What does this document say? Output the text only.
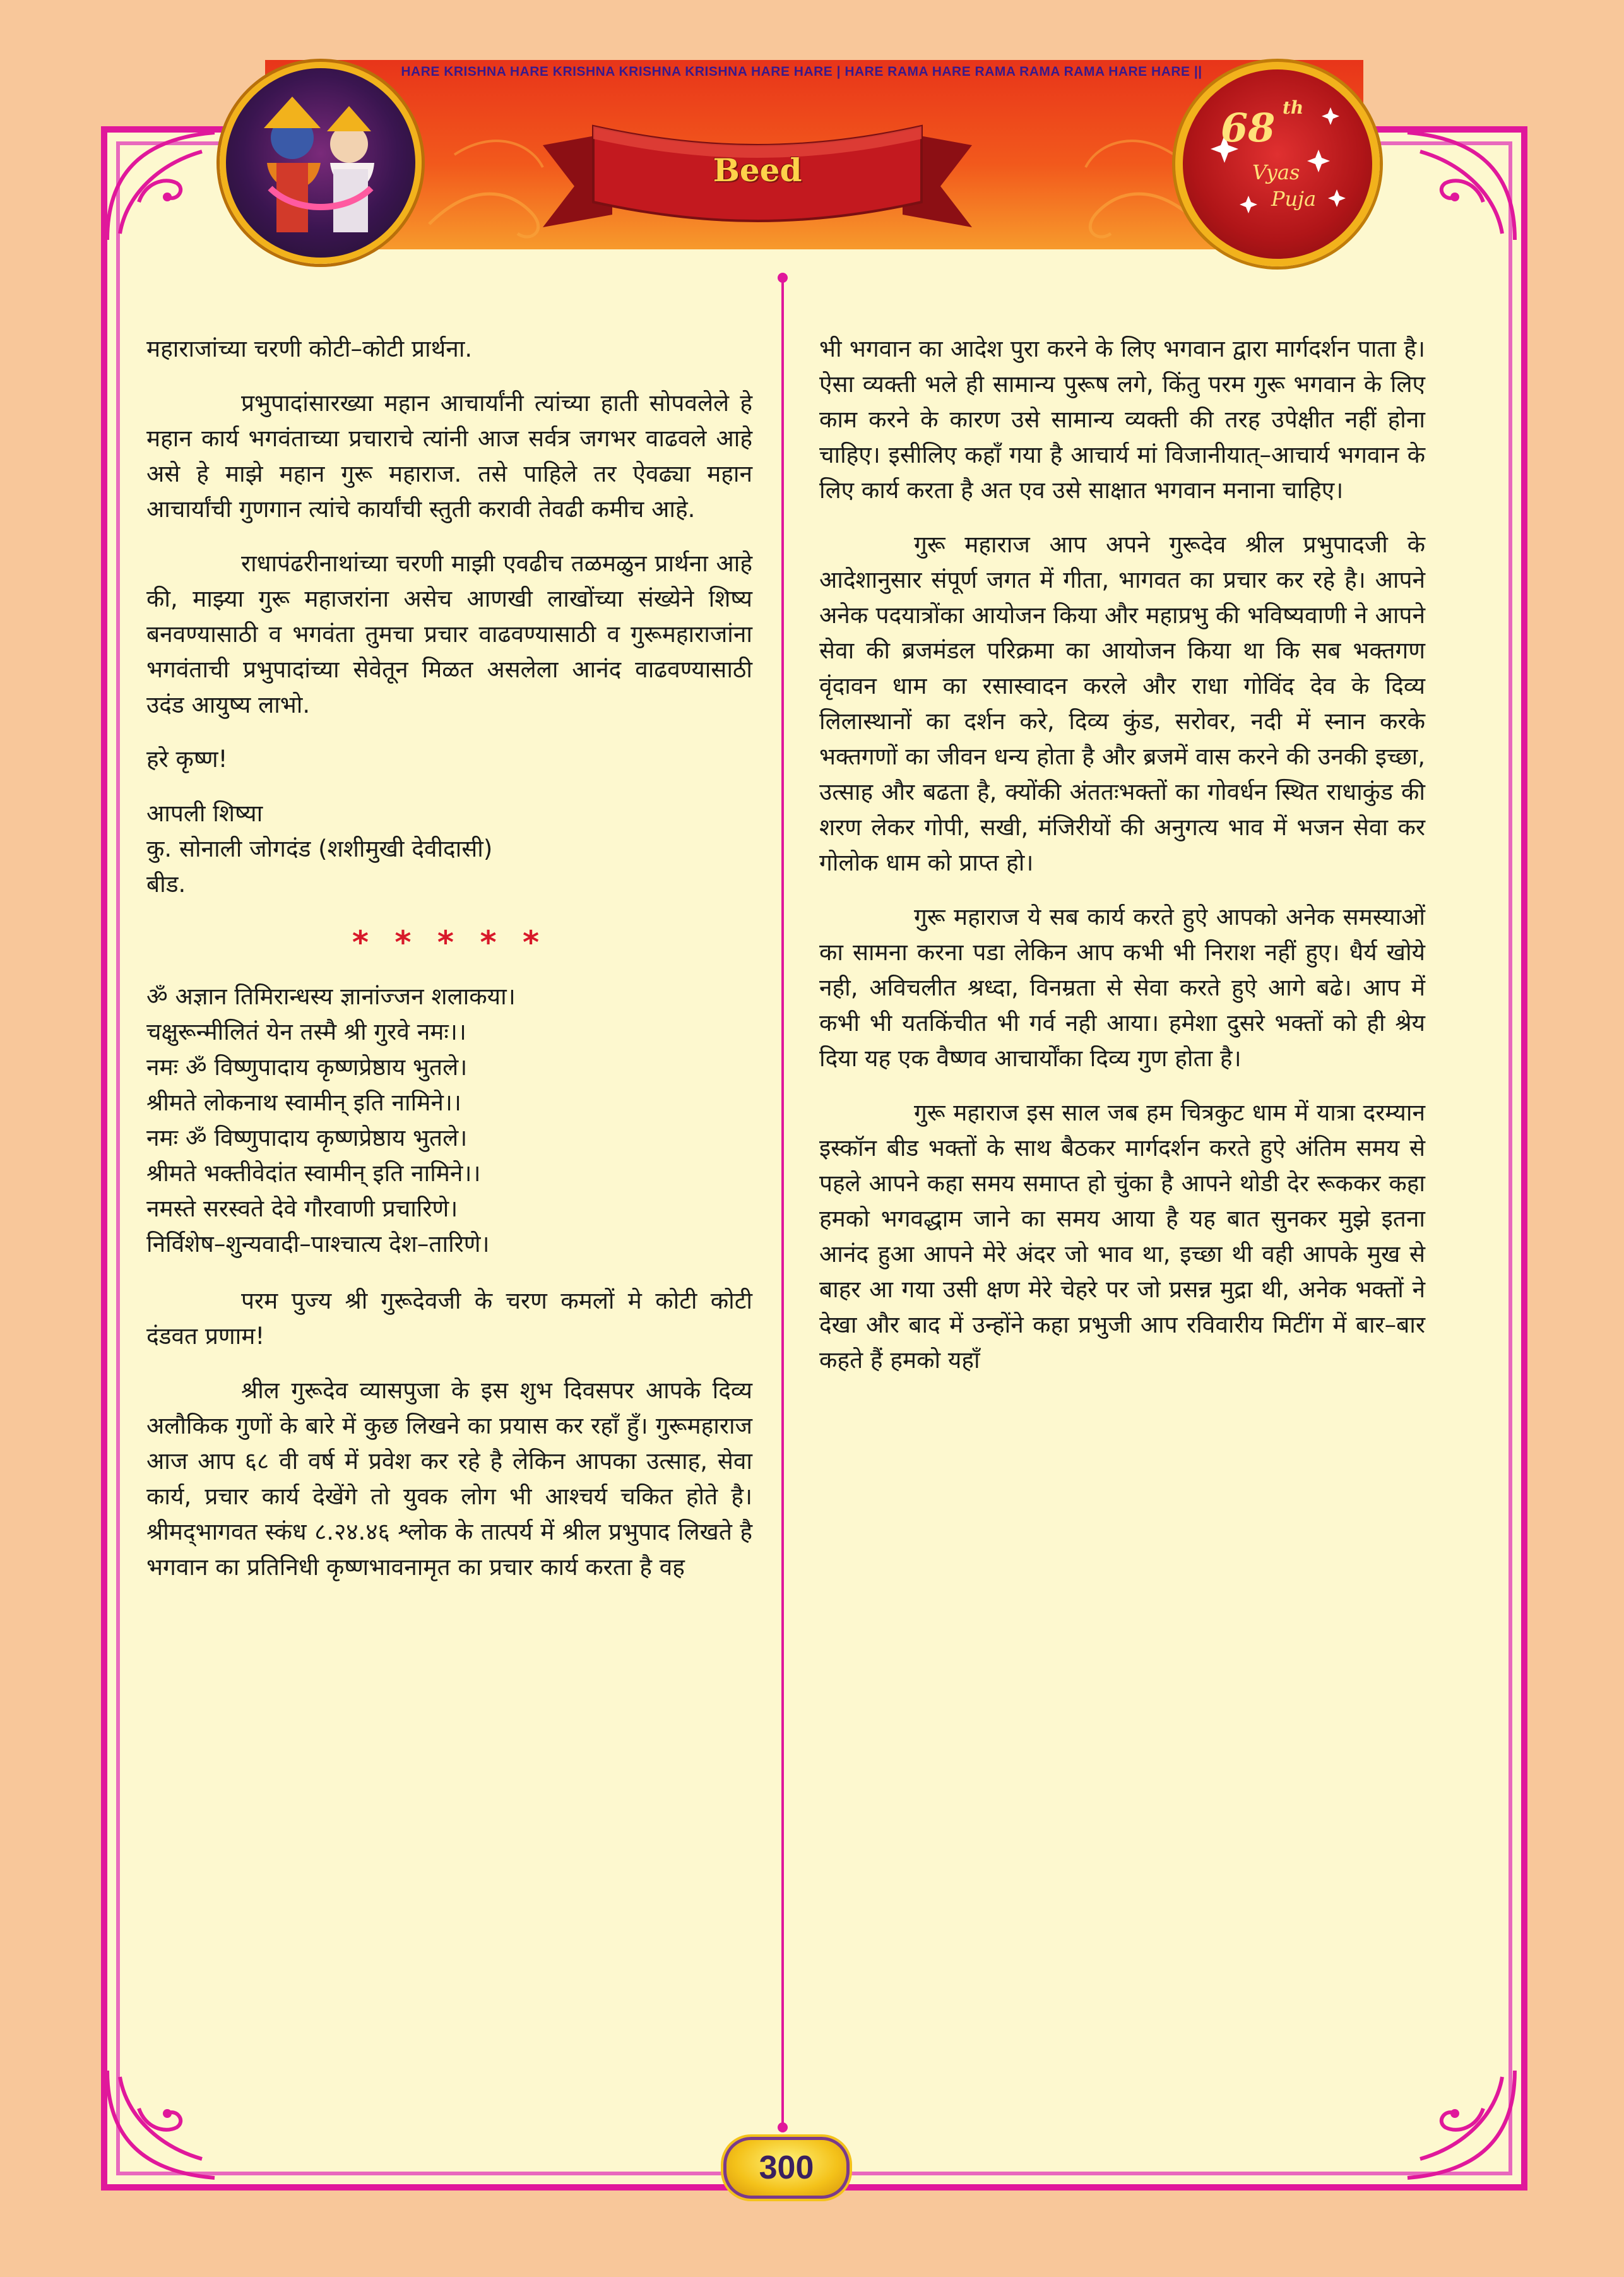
HARE KRISHNA HARE KRISHNA KRISHNA KRISHNA HARE HARE | HARE RAMA HARE RAMA RAMA RAMA HARE HARE ||
Beed
68 th
Vyas
Puja

महाराजांच्या चरणी कोटी–कोटी प्रार्थना.

प्रभुपादांसारख्या महान आचार्यांनी त्यांच्या हाती सोपवलेले हे महान कार्य भगवंताच्या प्रचाराचे त्यांनी आज सर्वत्र जगभर वाढवले आहे असे हे माझे महान गुरू महाराज. तसे पाहिले तर ऐवढ्या महान आचार्यांची गुणगान त्यांचे कार्यांची स्तुती करावी तेवढी कमीच आहे.

राधापंढरीनाथांच्या चरणी माझी एवढीच तळमळुन प्रार्थना आहे की, माझ्या गुरू महाजरांना असेच आणखी लाखोंच्या संख्येने शिष्य बनवण्यासाठी व भगवंता तुमचा प्रचार वाढवण्यासाठी व गुरूमहाराजांना भगवंताची प्रभुपादांच्या सेवेतून मिळत असलेला आनंद वाढवण्यासाठी उदंड आयुष्य लाभो.

हरे कृष्ण!

आपली शिष्या
कु. सोनाली जोगदंड (शशीमुखी देवीदासी)
बीड.
* * * * *
ॐ अज्ञान तिमिरान्धस्य ज्ञानांज्जन शलाकया।
चक्षुरून्मीलितं येन तस्मै श्री गुरवे नमः।।
नमः ॐ विष्णुपादाय कृष्णप्रेष्ठाय भुतले।
श्रीमते लोकनाथ स्वामीन् इति नामिने।।
नमः ॐ विष्णुपादाय कृष्णप्रेष्ठाय भुतले।
श्रीमते भक्तीवेदांत स्वामीन् इति नामिने।।
नमस्ते सरस्वते देवे गौरवाणी प्रचारिणे।
निर्विशेष–शुन्यवादी–पाश्चात्य देश–तारिणे।

परम पुज्य श्री गुरूदेवजी के चरण कमलों मे कोटी कोटी दंडवत प्रणाम!

श्रील गुरूदेव व्यासपुजा के इस शुभ दिवसपर आपके दिव्य अलौकिक गुणों के बारे में कुछ लिखने का प्रयास कर रहाँ हुँ। गुरूमहाराज आज आप ६८ वी वर्ष में प्रवेश कर रहे है लेकिन आपका उत्साह, सेवा कार्य, प्रचार कार्य देखेंगे तो युवक लोग भी आश्चर्य चकित होते है। श्रीमद्‌भागवत स्कंध ८.२४.४६ श्लोक के तात्पर्य में श्रील प्रभुपाद लिखते है भगवान का प्रतिनिधी कृष्णभावनामृत का प्रचार कार्य करता है वह

भी भगवान का आदेश पुरा करने के लिए भगवान द्वारा मार्गदर्शन पाता है। ऐसा व्यक्ती भले ही सामान्य पुरूष लगे, किंतु परम गुरू भगवान के लिए काम करने के कारण उसे सामान्य व्यक्ती की तरह उपेक्षीत नहीं होना चाहिए। इसीलिए कहाँ गया है आचार्य मां विजानीयात्–आचार्य भगवान के लिए कार्य करता है अत एव उसे साक्षात भगवान मनाना चाहिए।

गुरू महाराज आप अपने गुरूदेव श्रील प्रभुपादजी के आदेशानुसार संपूर्ण जगत में गीता, भागवत का प्रचार कर रहे है। आपने अनेक पदयात्रोंका आयोजन किया और महाप्रभु की भविष्यवाणी ने आपने सेवा की ब्रजमंडल परिक्रमा का आयोजन किया था कि सब भक्तगण वृंदावन धाम का रसास्वादन करले और राधा गोविंद देव के दिव्य लिलास्थानों का दर्शन करे, दिव्य कुंड, सरोवर, नदी में स्नान करके भक्तगणों का जीवन धन्य होता है और ब्रजमें वास करने की उनकी इच्छा, उत्साह और बढता है, क्योंकी अंततःभक्तों का गोवर्धन स्थित राधाकुंड की शरण लेकर गोपी, सखी, मंजिरीयों की अनुगत्य भाव में भजन सेवा कर गोलोक धाम को प्राप्त हो।

गुरू महाराज ये सब कार्य करते हुऐ आपको अनेक समस्याओं का सामना करना पडा लेकिन आप कभी भी निराश नहीं हुए। धैर्य खोये नही, अविचलीत श्रध्दा, विनम्रता से सेवा करते हुऐ आगे बढे। आप में कभी भी यतकिंचीत भी गर्व नही आया। हमेशा दुसरे भक्तों को ही श्रेय दिया यह एक वैष्णव आचार्योंका दिव्य गुण होता है।

गुरू महाराज इस साल जब हम चित्रकुट धाम में यात्रा दरम्यान इस्कॉन बीड भक्तों के साथ बैठकर मार्गदर्शन करते हुऐ अंतिम समय से पहले आपने कहा समय समाप्त हो चुंका है आपने थोडी देर रूककर कहा हमको भगवद्धाम जाने का समय आया है यह बात सुनकर मुझे इतना आनंद हुआ आपने मेरे अंदर जो भाव था, इच्छा थी वही आपके मुख से बाहर आ गया उसी क्षण मेरे चेहरे पर जो प्रसन्न मुद्रा थी, अनेक भक्तों ने देखा और बाद में उन्होंने कहा प्रभुजी आप रविवारीय मिटींग में बार–बार कहते हैं हमको यहाँ

300
